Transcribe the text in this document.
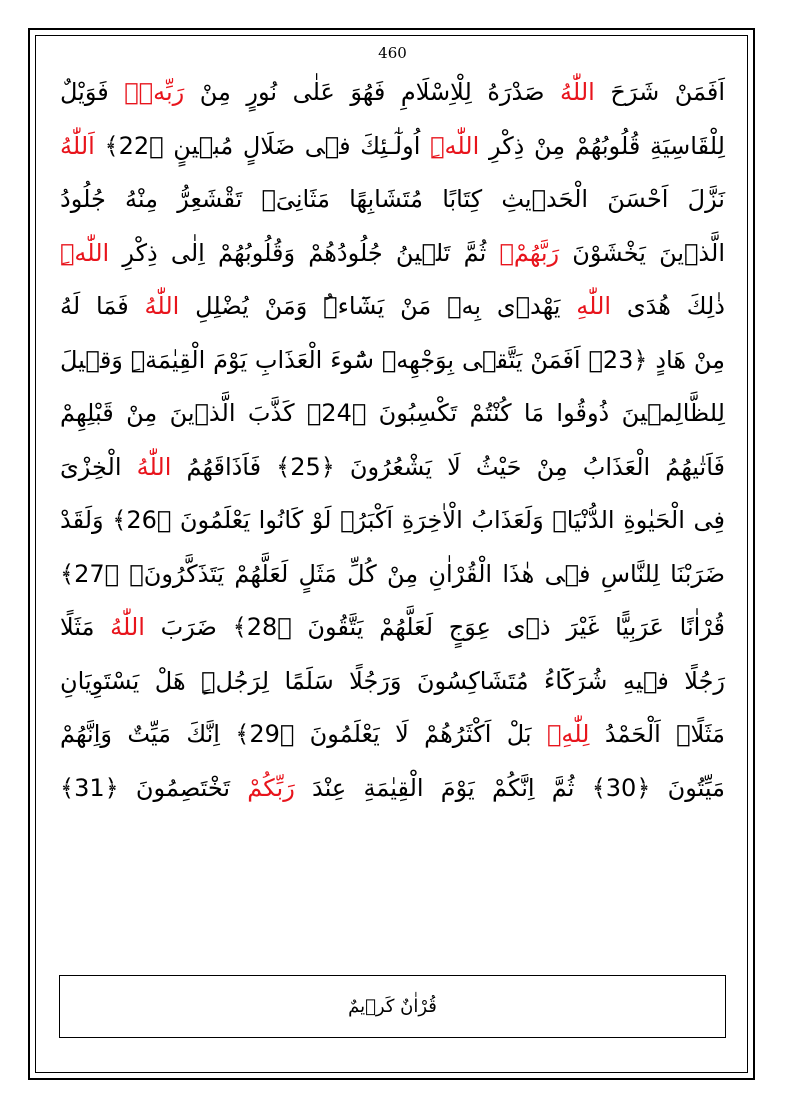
460
اَفَمَنْ شَرَحَ اللّٰهُ صَدْرَهُ لِلْاِسْلَامِ فَهُوَ عَلٰى نُورٍ مِنْ رَبِّهٖۜ فَوَيْلٌ
لِلْقَاسِيَةِ قُلُوبُهُمْ مِنْ ذِكْرِ اللّٰهِۜ اُولٰٓـئِكَ فٖى ضَلَالٍ مُبٖينٍ ﴿22﴾ اَللّٰهُ
نَزَّلَ اَحْسَنَ الْحَدٖيثِ كِتَابًا مُتَشَابِهًا مَثَانِىَۗ تَقْشَعِرُّ مِنْهُ جُلُودُ
الَّذٖينَ يَخْشَوْنَ رَبَّهُمْۚ ثُمَّ تَلٖينُ جُلُودُهُمْ وَقُلُوبُهُمْ اِلٰى ذِكْرِ اللّٰهِ
ذٰلِكَ هُدَى اللّٰهِ يَهْدٖى بِهٖ مَنْ يَشَٓاءُۜ وَمَنْ يُضْلِلِ اللّٰهُ فَمَا لَهُ
مِنْ هَادٍ ﴿23﴾ اَفَمَنْ يَتَّقٖى بِوَجْهِهٖ سُٓوءَ الْعَذَابِ يَوْمَ الْقِيٰمَةِۜ وَقٖيلَ
لِلظَّالِمٖينَ ذُوقُوا مَا كُنْتُمْ تَكْسِبُونَ ﴿24﴾ كَذَّبَ الَّذٖينَ مِنْ قَبْلِهِمْ
فَاَتٰيهُمُ الْعَذَابُ مِنْ حَيْثُ لَا يَشْعُرُونَ ﴿25﴾ فَاَذَاقَهُمُ اللّٰهُ الْخِزْىَ
فِى الْحَيٰوةِ الدُّنْيَاۚ وَلَعَذَابُ الْاٰخِرَةِ اَكْبَرُۢ لَوْ كَانُوا يَعْلَمُونَ ﴿26﴾ وَلَقَدْ
ضَرَبْنَا لِلنَّاسِ فٖى هٰذَا الْقُرْاٰنِ مِنْ كُلِّ مَثَلٍ لَعَلَّهُمْ يَتَذَكَّرُونَۚ ﴿27﴾
قُرْاٰنًا عَرَبِيًّا غَيْرَ ذٖى عِوَجٍ لَعَلَّهُمْ يَتَّقُونَ ﴿28﴾ ضَرَبَ اللّٰهُ مَثَلًا
رَجُلًا فٖيهِ شُرَكَٓاءُ مُتَشَاكِسُونَ وَرَجُلًا سَلَمًا لِرَجُلٍۜ هَلْ يَسْتَوِيَانِ
مَثَلًاۜ اَلْحَمْدُ لِلّٰهِۚ بَلْ اَكْثَرُهُمْ لَا يَعْلَمُونَ ﴿29﴾ اِنَّكَ مَيِّتٌ وَاِنَّهُمْ
مَيِّتُونَ ﴿30﴾ ثُمَّ اِنَّكُمْ يَوْمَ الْقِيٰمَةِ عِنْدَ رَبِّكُمْ تَخْتَصِمُونَ ﴿31﴾
قُرْاٰنٌ كَرٖيمٌ
